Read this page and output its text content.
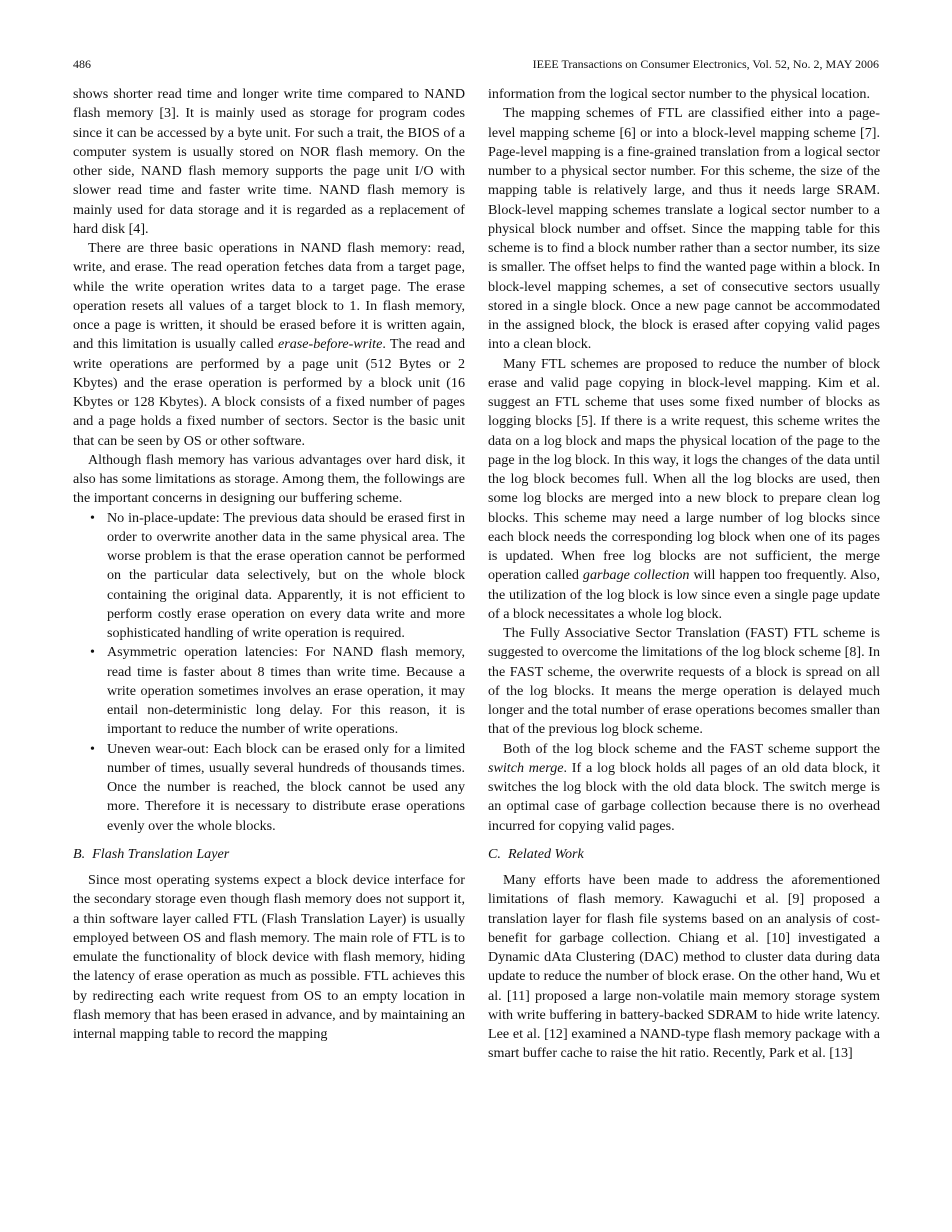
486	IEEE Transactions on Consumer Electronics, Vol. 52, No. 2, MAY 2006

shows shorter read time and longer write time compared to NAND flash memory [3]. It is mainly used as storage for program codes since it can be accessed by a byte unit. For such a trait, the BIOS of a computer system is usually stored on NOR flash memory. On the other side, NAND flash memory supports the page unit I/O with slower read time and faster write time. NAND flash memory is mainly used for data storage and it is regarded as a replacement of hard disk [4].

There are three basic operations in NAND flash memory: read, write, and erase. The read operation fetches data from a target page, while the write operation writes data to a target page. The erase operation resets all values of a target block to 1. In flash memory, once a page is written, it should be erased before it is written again, and this limitation is usually called erase-before-write. The read and write operations are performed by a page unit (512 Bytes or 2 Kbytes) and the erase operation is performed by a block unit (16 Kbytes or 128 Kbytes). A block consists of a fixed number of pages and a page holds a fixed number of sectors. Sector is the basic unit that can be seen by OS or other software.

Although flash memory has various advantages over hard disk, it also has some limitations as storage. Among them, the followings are the important concerns in designing our buffering scheme.

• No in-place-update: The previous data should be erased first in order to overwrite another data in the same physical area. The worse problem is that the erase operation cannot be performed on the particular data selectively, but on the whole block containing the original data. Apparently, it is not efficient to perform costly erase operation on every data write and more sophisticated handling of write operation is required.
• Asymmetric operation latencies: For NAND flash memory, read time is faster about 8 times than write time. Because a write operation sometimes involves an erase operation, it may entail non-deterministic long delay. For this reason, it is important to reduce the number of write operations.
• Uneven wear-out: Each block can be erased only for a limited number of times, usually several hundreds of thousands times. Once the number is reached, the block cannot be used any more. Therefore it is necessary to distribute erase operations evenly over the whole blocks.

B. Flash Translation Layer

Since most operating systems expect a block device interface for the secondary storage even though flash memory does not support it, a thin software layer called FTL (Flash Translation Layer) is usually employed between OS and flash memory. The main role of FTL is to emulate the functionality of block device with flash memory, hiding the latency of erase operation as much as possible. FTL achieves this by redirecting each write request from OS to an empty location in flash memory that has been erased in advance, and by maintaining an internal mapping table to record the mapping

information from the logical sector number to the physical location.

The mapping schemes of FTL are classified either into a page-level mapping scheme [6] or into a block-level mapping scheme [7]. Page-level mapping is a fine-grained translation from a logical sector number to a physical sector number. For this scheme, the size of the mapping table is relatively large, and thus it needs large SRAM. Block-level mapping schemes translate a logical sector number to a physical block number and offset. Since the mapping table for this scheme is to find a block number rather than a sector number, its size is smaller. The offset helps to find the wanted page within a block. In block-level mapping schemes, a set of consecutive sectors usually stored in a single block. Once a new page cannot be accommodated in the assigned block, the block is erased after copying valid pages into a clean block.

Many FTL schemes are proposed to reduce the number of block erase and valid page copying in block-level mapping. Kim et al. suggest an FTL scheme that uses some fixed number of blocks as logging blocks [5]. If there is a write request, this scheme writes the data on a log block and maps the physical location of the page to the page in the log block. In this way, it logs the changes of the data until the log block becomes full. When all the log blocks are used, then some log blocks are merged into a new block to prepare clean log blocks. This scheme may need a large number of log blocks since each block needs the corresponding log block when one of its pages is updated. When free log blocks are not sufficient, the merge operation called garbage collection will happen too frequently. Also, the utilization of the log block is low since even a single page update of a block necessitates a whole log block.

The Fully Associative Sector Translation (FAST) FTL scheme is suggested to overcome the limitations of the log block scheme [8]. In the FAST scheme, the overwrite requests of a block is spread on all of the log blocks. It means the merge operation is delayed much longer and the total number of erase operations becomes smaller than that of the previous log block scheme.

Both of the log block scheme and the FAST scheme support the switch merge. If a log block holds all pages of an old data block, it switches the log block with the old data block. The switch merge is an optimal case of garbage collection because there is no overhead incurred for copying valid pages.

C. Related Work

Many efforts have been made to address the aforementioned limitations of flash memory. Kawaguchi et al. [9] proposed a translation layer for flash file systems based on an analysis of cost-benefit for garbage collection. Chiang et al. [10] investigated a Dynamic dAta Clustering (DAC) method to cluster data during data update to reduce the number of block erase. On the other hand, Wu et al. [11] proposed a large non-volatile main memory storage system with write buffering in battery-backed SDRAM to hide write latency. Lee et al. [12] examined a NAND-type flash memory package with a smart buffer cache to raise the hit ratio. Recently, Park et al. [13]
